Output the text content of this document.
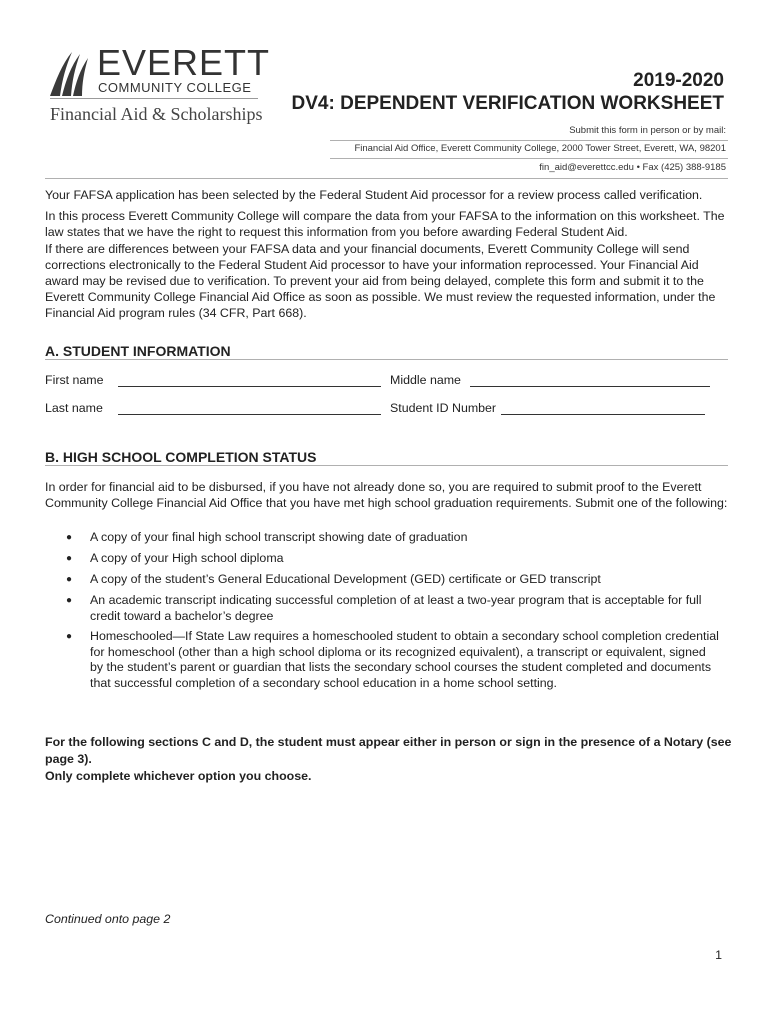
EVERETT
COMMUNITY COLLEGE
Financial Aid & Scholarships
2019-2020
DV4: DEPENDENT VERIFICATION WORKSHEET
Submit this form in person or by mail:
Financial Aid Office, Everett Community College, 2000 Tower Street, Everett, WA, 98201
fin_aid@everettcc.edu • Fax (425) 388-9185
Your FAFSA application has been selected by the Federal Student Aid processor for a review process called verification.
In this process Everett Community College will compare the data from your FAFSA to the information on this worksheet. The law states that we have the right to request this information from you before awarding Federal Student Aid.
If there are differences between your FAFSA data and your financial documents, Everett Community College will send corrections electronically to the Federal Student Aid processor to have your information reprocessed. Your Financial Aid award may be revised due to verification. To prevent your aid from being delayed, complete this form and submit it to the Everett Community College Financial Aid Office as soon as possible. We must review the requested information, under the Financial Aid program rules (34 CFR, Part 668).
A. STUDENT INFORMATION
First name	Middle name
Last name	Student ID Number
B. HIGH SCHOOL COMPLETION STATUS
In order for financial aid to be disbursed, if you have not already done so, you are required to submit proof to the Everett Community College Financial Aid Office that you have met high school graduation requirements. Submit one of the following:
● A copy of your final high school transcript showing date of graduation
● A copy of your High school diploma
● A copy of the student’s General Educational Development (GED) certificate or GED transcript
● An academic transcript indicating successful completion of at least a two-year program that is acceptable for full credit toward a bachelor’s degree
● Homeschooled—If State Law requires a homeschooled student to obtain a secondary school completion credential for homeschool (other than a high school diploma or its recognized equivalent), a transcript or equivalent, signed by the student’s parent or guardian that lists the secondary school courses the student completed and documents that successful completion of a secondary school education in a home school setting.
For the following sections C and D, the student must appear either in person or sign in the presence of a Notary (see page 3).
Only complete whichever option you choose.
Continued onto page 2
1
